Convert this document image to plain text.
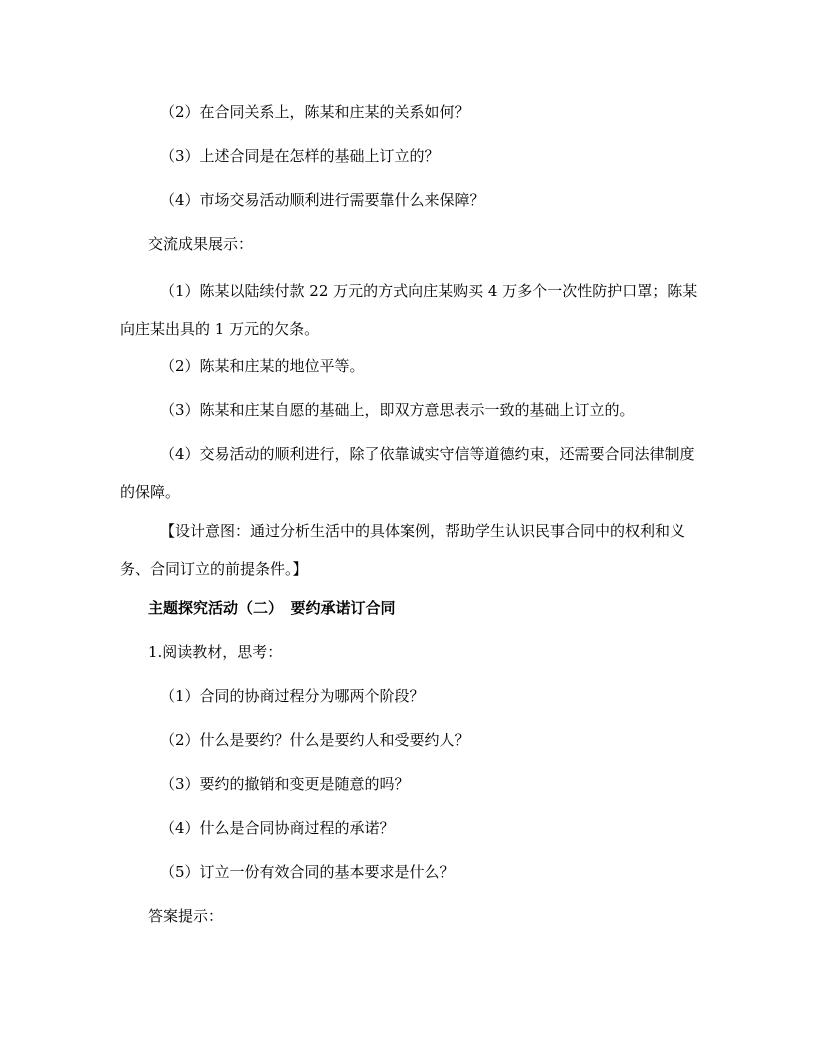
（2）在合同关系上，陈某和庄某的关系如何？
（3）上述合同是在怎样的基础上订立的？
（4）市场交易活动顺利进行需要靠什么来保障？
交流成果展示：
（1）陈某以陆续付款 22 万元的方式向庄某购买 4 万多个一次性防护口罩；陈某向庄某出具的 1 万元的欠条。
（2）陈某和庄某的地位平等。
（3）陈某和庄某自愿的基础上，即双方意思表示一致的基础上订立的。
（4）交易活动的顺利进行，除了依靠诚实守信等道德约束，还需要合同法律制度的保障。
【设计意图：通过分析生活中的具体案例，帮助学生认识民事合同中的权利和义务、合同订立的前提条件。】
主题探究活动（二）　要约承诺订合同
1.阅读教材，思考：
（1）合同的协商过程分为哪两个阶段？
（2）什么是要约？什么是要约人和受要约人？
（3）要约的撤销和变更是随意的吗？
（4）什么是合同协商过程的承诺？
（5）订立一份有效合同的基本要求是什么？
答案提示：
